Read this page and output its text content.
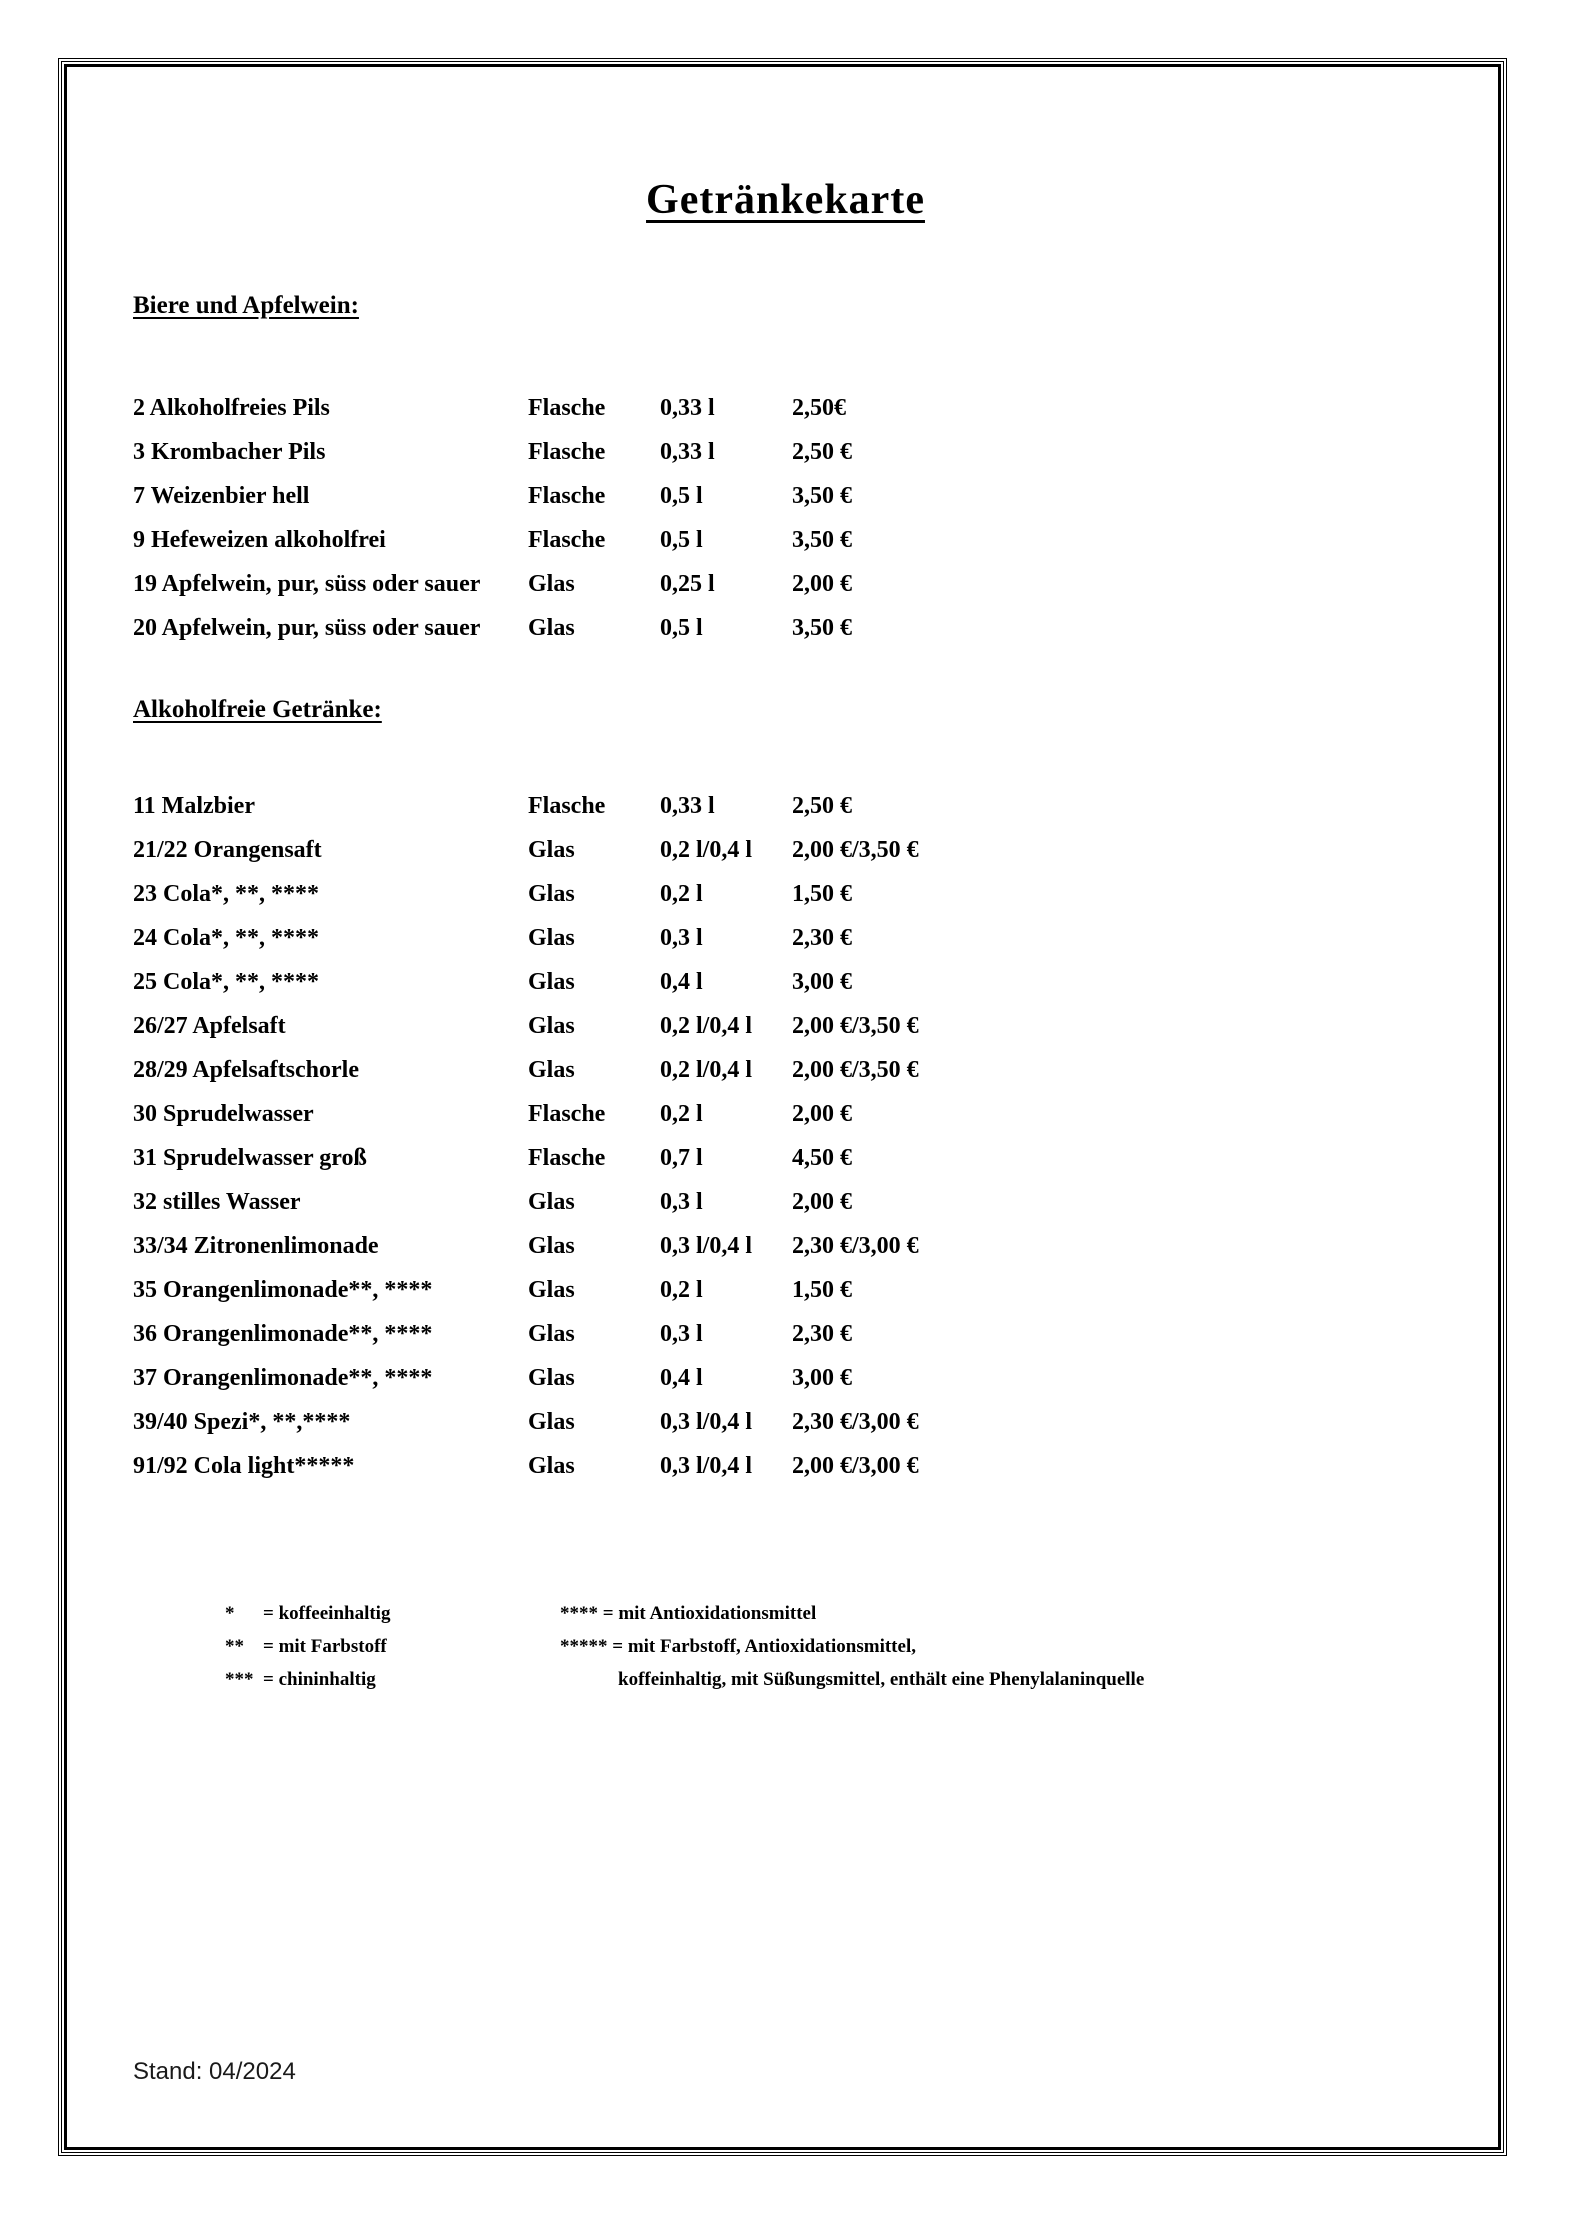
Getränkekarte
Biere und Apfelwein:
Alkoholfreie Getränke:
2 Alkoholfreies Pils	Flasche	0,33 l	2,50€
3 Krombacher Pils	Flasche	0,33 l	2,50 €
7 Weizenbier hell	Flasche	0,5 l	3,50 €
9 Hefeweizen alkoholfrei	Flasche	0,5 l	3,50 €
19 Apfelwein, pur, süss oder sauer	Glas	0,25 l	2,00 €
20 Apfelwein, pur, süss oder sauer	Glas	0,5 l	3,50 €
11 Malzbier	Flasche	0,33 l	2,50 €
21/22 Orangensaft	Glas	0,2 l/0,4 l	2,00 €/3,50 €
23 Cola*, **, ****	Glas	0,2 l	1,50 €
24 Cola*, **, ****	Glas	0,3 l	2,30 €
25 Cola*, **, ****	Glas	0,4 l	3,00 €
26/27 Apfelsaft	Glas	0,2 l/0,4 l	2,00 €/3,50 €
28/29 Apfelsaftschorle	Glas	0,2 l/0,4 l	2,00 €/3,50 €
30 Sprudelwasser	Flasche	0,2 l	2,00 €
31 Sprudelwasser groß	Flasche	0,7 l	4,50 €
32 stilles Wasser	Glas	0,3 l	2,00 €
33/34 Zitronenlimonade	Glas	0,3 l/0,4 l	2,30 €/3,00 €
35 Orangenlimonade**, ****	Glas	0,2 l	1,50 €
36 Orangenlimonade**, ****	Glas	0,3 l	2,30 €
37 Orangenlimonade**, ****	Glas	0,4 l	3,00 €
39/40 Spezi*, **,****	Glas	0,3 l/0,4 l	2,30 €/3,00 €
91/92 Cola light*****	Glas	0,3 l/0,4 l	2,00 €/3,00 €
*	= koffeeinhaltig
**	= mit Farbstoff
*** = chininhaltig
**** = mit Antioxidationsmittel
***** = mit Farbstoff, Antioxidationsmittel,
koffeinhaltig, mit Süßungsmittel, enthält eine Phenylalaninquelle
Stand: 04/2024
